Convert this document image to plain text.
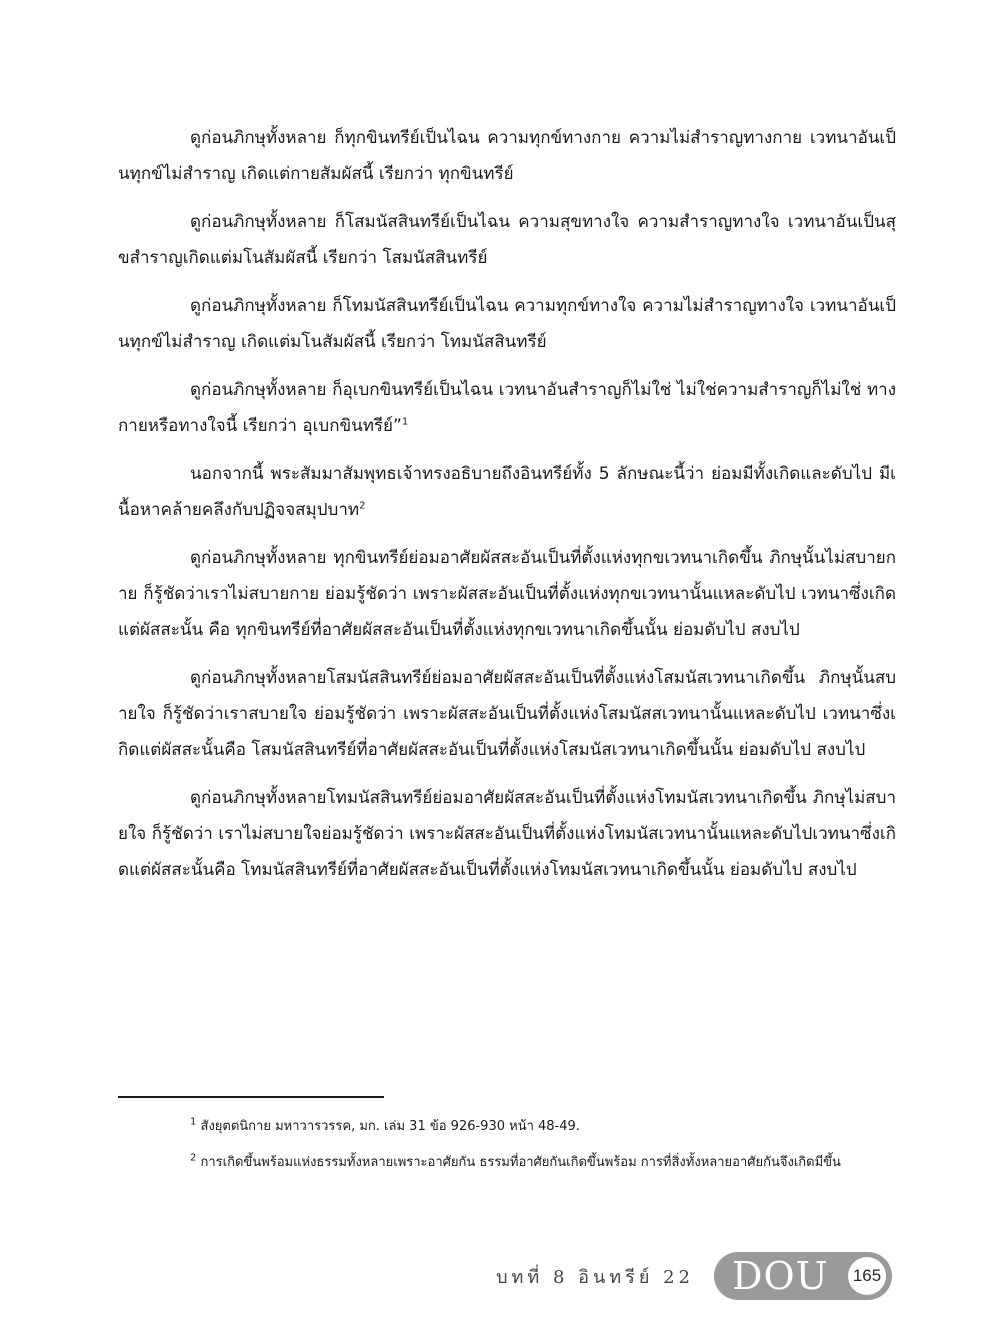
ดูก่อนภิกษุทั้งหลาย ก็ทุกขินทรีย์เป็นไฉน ความทุกข์ทางกาย ความไม่สำราญทางกาย เวทนาอันเป็นทุกข์ไม่สำราญ เกิดแต่กายสัมผัสนี้ เรียกว่า ทุกขินทรีย์

ดูก่อนภิกษุทั้งหลาย ก็โสมนัสสินทรีย์เป็นไฉน ความสุขทางใจ ความสำราญทางใจ เวทนาอันเป็นสุขสำราญเกิดแต่มโนสัมผัสนี้ เรียกว่า โสมนัสสินทรีย์

ดูก่อนภิกษุทั้งหลาย ก็โทมนัสสินทรีย์เป็นไฉน ความทุกข์ทางใจ ความไม่สำราญทางใจ เวทนาอันเป็นทุกข์ไม่สำราญ เกิดแต่มโนสัมผัสนี้ เรียกว่า โทมนัสสินทรีย์

ดูก่อนภิกษุทั้งหลาย ก็อุเบกขินทรีย์เป็นไฉน เวทนาอันสำราญก็ไม่ใช่ ไม่ใช่ความสำราญก็ไม่ใช่ ทางกายหรือทางใจนี้ เรียกว่า อุเบกขินทรีย์”$^1$

นอกจากนี้ พระสัมมาสัมพุทธเจ้าทรงอธิบายถึงอินทรีย์ทั้ง 5 ลักษณะนี้ว่า ย่อมมีทั้งเกิดและดับไป มีเนื้อหาคล้ายคลึงกับปฏิจจสมุปบาท$^2$

ดูก่อนภิกษุทั้งหลาย ทุกขินทรีย์ย่อมอาศัยผัสสะอันเป็นที่ตั้งแห่งทุกขเวทนาเกิดขึ้น ภิกษุนั้นไม่สบายกาย ก็รู้ชัดว่าเราไม่สบายกาย ย่อมรู้ชัดว่า เพราะผัสสะอันเป็นที่ตั้งแห่งทุกขเวทนานั้นแหละดับไป เวทนาซึ่งเกิดแต่ผัสสะนั้น คือ ทุกขินทรีย์ที่อาศัยผัสสะอันเป็นที่ตั้งแห่งทุกขเวทนาเกิดขึ้นนั้น ย่อมดับไป สงบไป

ดูก่อนภิกษุทั้งหลายโสมนัสสินทรีย์ย่อมอาศัยผัสสะอันเป็นที่ตั้งแห่งโสมนัสเวทนาเกิดขึ้น ภิกษุนั้นสบายใจ ก็รู้ชัดว่าเราสบายใจ ย่อมรู้ชัดว่า เพราะผัสสะอันเป็นที่ตั้งแห่งโสมนัสสเวทนานั้นแหละดับไป เวทนาซึ่งเกิดแต่ผัสสะนั้นคือ โสมนัสสินทรีย์ที่อาศัยผัสสะอันเป็นที่ตั้งแห่งโสมนัสเวทนาเกิดขึ้นนั้น ย่อมดับไป สงบไป

ดูก่อนภิกษุทั้งหลายโทมนัสสินทรีย์ย่อมอาศัยผัสสะอันเป็นที่ตั้งแห่งโทมนัสเวทนาเกิดขึ้น ภิกษุไม่สบายใจ ก็รู้ชัดว่า เราไม่สบายใจย่อมรู้ชัดว่า เพราะผัสสะอันเป็นที่ตั้งแห่งโทมนัสเวทนานั้นแหละดับไปเวทนาซึ่งเกิดแต่ผัสสะนั้นคือ โทมนัสสินทรีย์ที่อาศัยผัสสะอันเป็นที่ตั้งแห่งโทมนัสเวทนาเกิดขึ้นนั้น ย่อมดับไป สงบไป

$^1$ สังยุตตนิกาย มหาวารวรรค, มก. เล่ม 31 ข้อ 926-930 หน้า 48-49.

$^2$ การเกิดขึ้นพร้อมแห่งธรรมทั้งหลายเพราะอาศัยกัน ธรรมที่อาศัยกันเกิดขึ้นพร้อม การที่สิ่งทั้งหลายอาศัยกันจึงเกิดมีขึ้น

บทที่ 8 อินทรีย์ 22 DOU 165
